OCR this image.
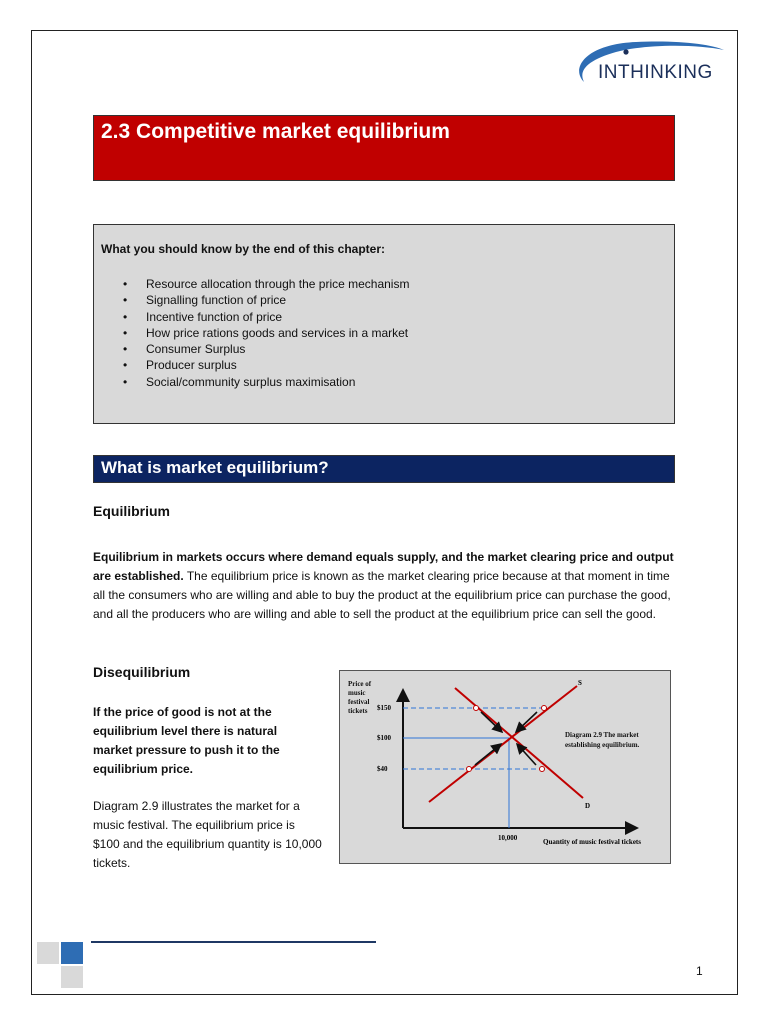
INTHINKING
2.3 Competitive market equilibrium
What you should know by the end of this chapter:
• Resource allocation through the price mechanism
• Signalling function of price
• Incentive function of price
• How price rations goods and services in a market
• Consumer Surplus
• Producer surplus
• Social/community surplus maximisation
What is market equilibrium?
Equilibrium

Equilibrium in markets occurs where demand equals supply, and the market clearing price and output are established. The equilibrium price is known as the market clearing price because at that moment in time all the consumers who are willing and able to buy the product at the equilibrium price can purchase the good, and all the producers who are willing and able to sell the product at the equilibrium price can sell the good.

Disequilibrium

If the price of good is not at the equilibrium level there is natural market pressure to push it to the equilibrium price.

Diagram 2.9 illustrates the market for a music festival. The equilibrium price is $100 and the equilibrium quantity is 10,000 tickets.

Price of music festival tickets	$150
$100
$40
10,000	Quantity of music festival tickets
S
D
Diagram 2.9 The market establishing equilibrium.
1
